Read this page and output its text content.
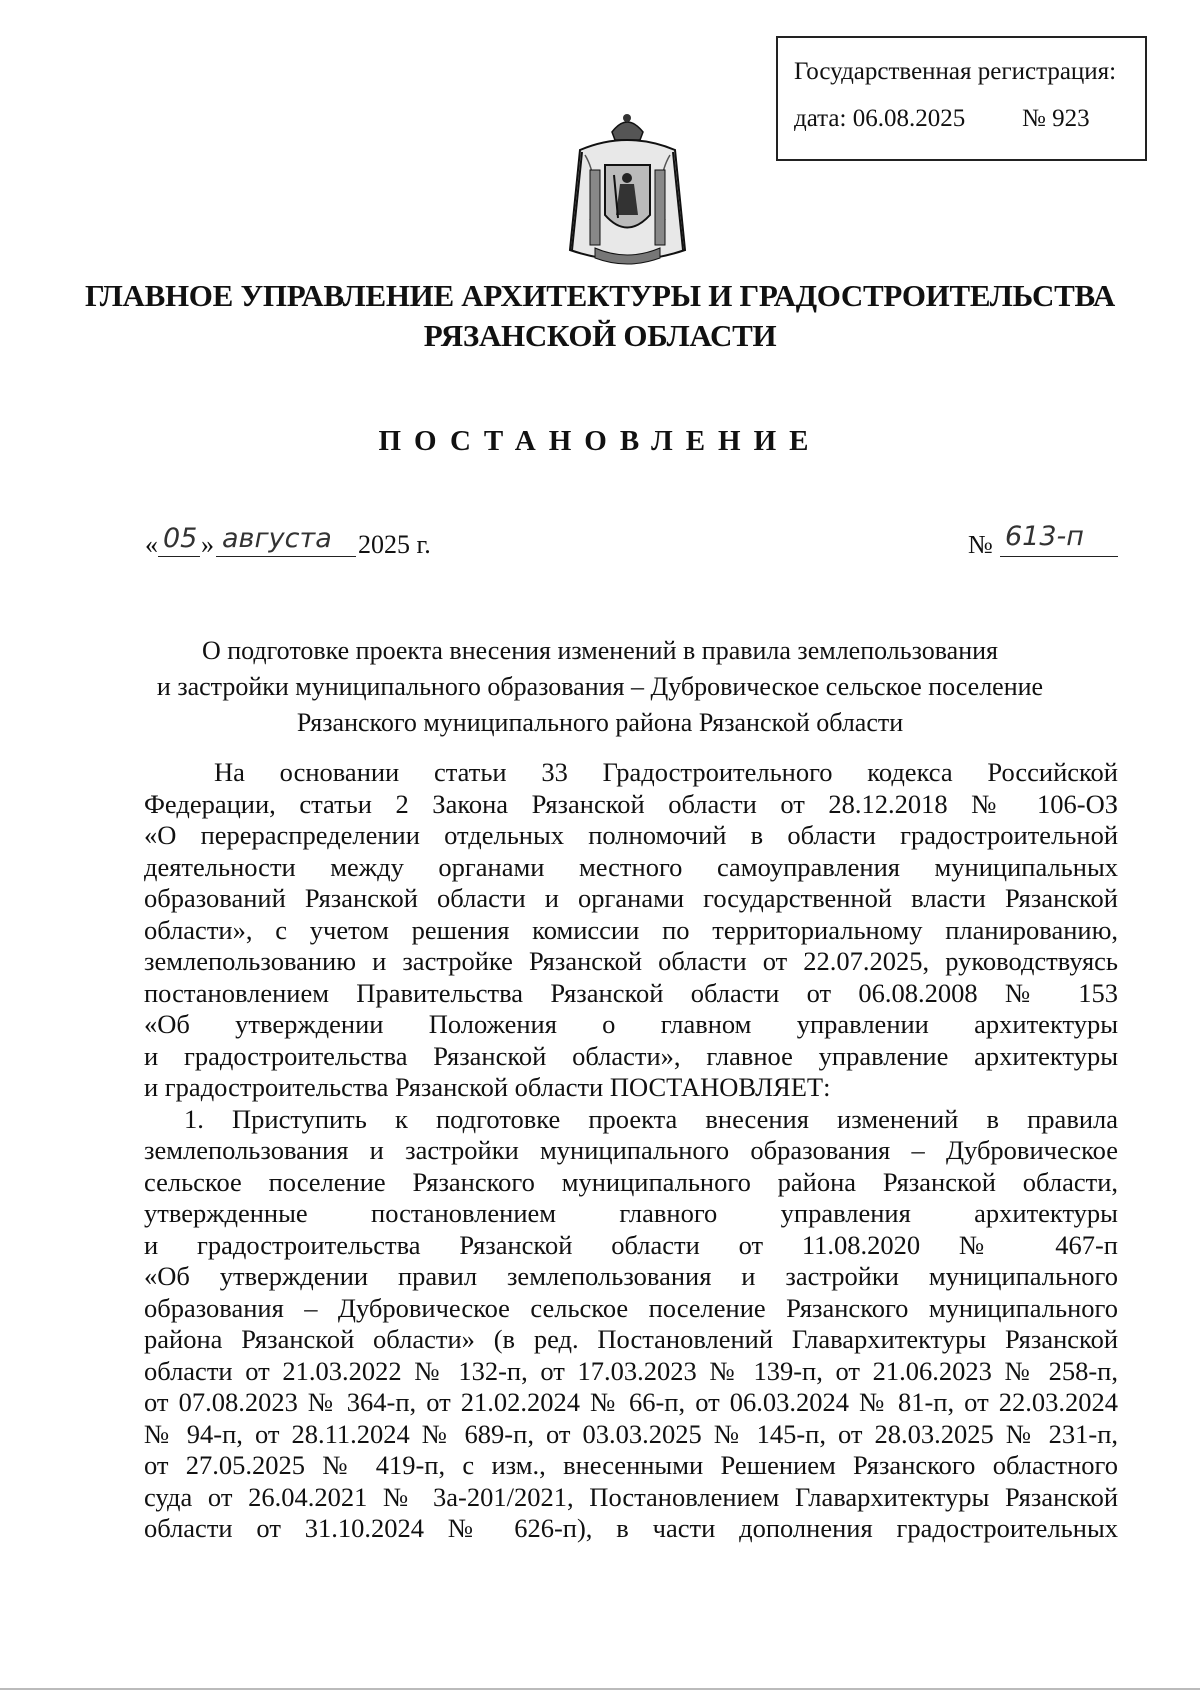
Государственная регистрация:
дата: 06.08.2025 № 923
ГЛАВНОЕ УПРАВЛЕНИЕ АРХИТЕКТУРЫ И ГРАДОСТРОИТЕЛЬСТВА
РЯЗАНСКОЙ ОБЛАСТИ
ПОСТАНОВЛЕНИЕ
« 05 » августа 2025 г.	№ 613-п
О подготовке проекта внесения изменений в правила землепользования
и застройки муниципального образования – Дубровическое сельское поселение
Рязанского муниципального района Рязанской области
На основании статьи 33 Градостроительного кодекса Российской
Федерации, статьи 2 Закона Рязанской области от 28.12.2018 № 106-ОЗ
«О перераспределении отдельных полномочий в области градостроительной
деятельности между органами местного самоуправления муниципальных
образований Рязанской области и органами государственной власти Рязанской
области», с учетом решения комиссии по территориальному планированию,
землепользованию и застройке Рязанской области от 22.07.2025, руководствуясь
постановлением Правительства Рязанской области от 06.08.2008 № 153
«Об утверждении Положения о главном управлении архитектуры
и градостроительства Рязанской области», главное управление архитектуры
и градостроительства Рязанской области ПОСТАНОВЛЯЕТ:
1. Приступить к подготовке проекта внесения изменений в правила
землепользования и застройки муниципального образования – Дубровическое
сельское поселение Рязанского муниципального района Рязанской области,
утвержденные постановлением главного управления архитектуры
и градостроительства Рязанской области от 11.08.2020 № 467-п
«Об утверждении правил землепользования и застройки муниципального
образования – Дубровическое сельское поселение Рязанского муниципального
района Рязанской области» (в ред. Постановлений Главархитектуры Рязанской
области от 21.03.2022 № 132-п, от 17.03.2023 № 139-п, от 21.06.2023 № 258-п,
от 07.08.2023 № 364-п, от 21.02.2024 № 66-п, от 06.03.2024 № 81-п, от 22.03.2024
№ 94-п, от 28.11.2024 № 689-п, от 03.03.2025 № 145-п, от 28.03.2025 № 231-п,
от 27.05.2025 № 419-п, с изм., внесенными Решением Рязанского областного
суда от 26.04.2021 № 3а-201/2021, Постановлением Главархитектуры Рязанской
области от 31.10.2024 № 626-п), в части дополнения градостроительных
